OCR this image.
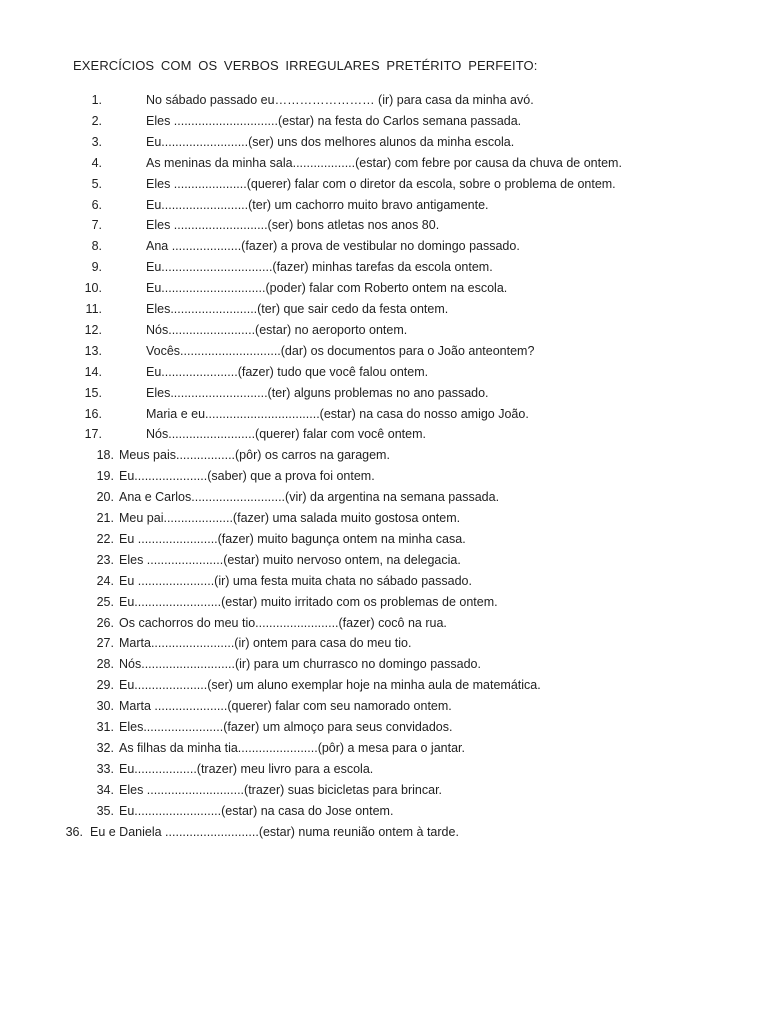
EXERCÍCIOS COM OS VERBOS IRREGULARES PRETÉRITO PERFEITO:
1.	No sábado passado eu…………………… (ir) para casa da minha avó.
2.	Eles ..............................(estar) na festa do Carlos semana passada.
3.	Eu.........................(ser) uns dos melhores alunos da minha escola.
4.	As meninas da minha sala..................(estar) com febre por causa da chuva de ontem.
5.	Eles .....................(querer) falar com o diretor da escola, sobre o problema de ontem.
6.	Eu.........................(ter) um cachorro muito bravo antigamente.
7.	Eles ...........................(ser) bons atletas nos anos 80.
8.	Ana ....................(fazer) a prova de vestibular no domingo passado.
9.	Eu................................(fazer) minhas tarefas da escola ontem.
10.	Eu..............................(poder) falar com Roberto ontem na escola.
11.	Eles.........................(ter) que sair cedo da festa ontem.
12.	Nós.........................(estar) no aeroporto ontem.
13.	Vocês.............................(dar) os documentos para o João anteontem?
14.	Eu......................(fazer) tudo que você falou ontem.
15.	Eles............................(ter) alguns problemas no ano passado.
16.	Maria e eu.................................(estar) na casa do nosso amigo João.
17.	Nós.........................(querer) falar com você ontem.
18. Meus pais.................(pôr) os carros na garagem.
19. Eu.....................(saber) que a prova foi ontem.
20. Ana e Carlos...........................(vir) da argentina na semana passada.
21. Meu pai....................(fazer) uma salada muito gostosa ontem.
22. Eu .......................(fazer) muito bagunça ontem na minha casa.
23. Eles ......................(estar) muito nervoso ontem, na delegacia.
24. Eu ......................(ir) uma festa muita chata no sábado passado.
25. Eu.........................(estar) muito irritado com os problemas de ontem.
26. Os cachorros do meu tio........................(fazer) cocô na rua.
27. Marta........................(ir) ontem para casa do meu tio.
28. Nós...........................(ir) para um churrasco no domingo passado.
29. Eu.....................(ser) um aluno exemplar hoje na minha aula de matemática.
30. Marta .....................(querer) falar com seu namorado ontem.
31. Eles.......................(fazer) um almoço para seus convidados.
32. As filhas da minha tia.......................(pôr) a mesa para o jantar.
33. Eu..................(trazer) meu livro para a escola.
34. Eles ............................(trazer) suas bicicletas para brincar.
35. Eu.........................(estar) na casa do Jose ontem.
36. Eu e Daniela ...........................(estar) numa reunião ontem à tarde.
